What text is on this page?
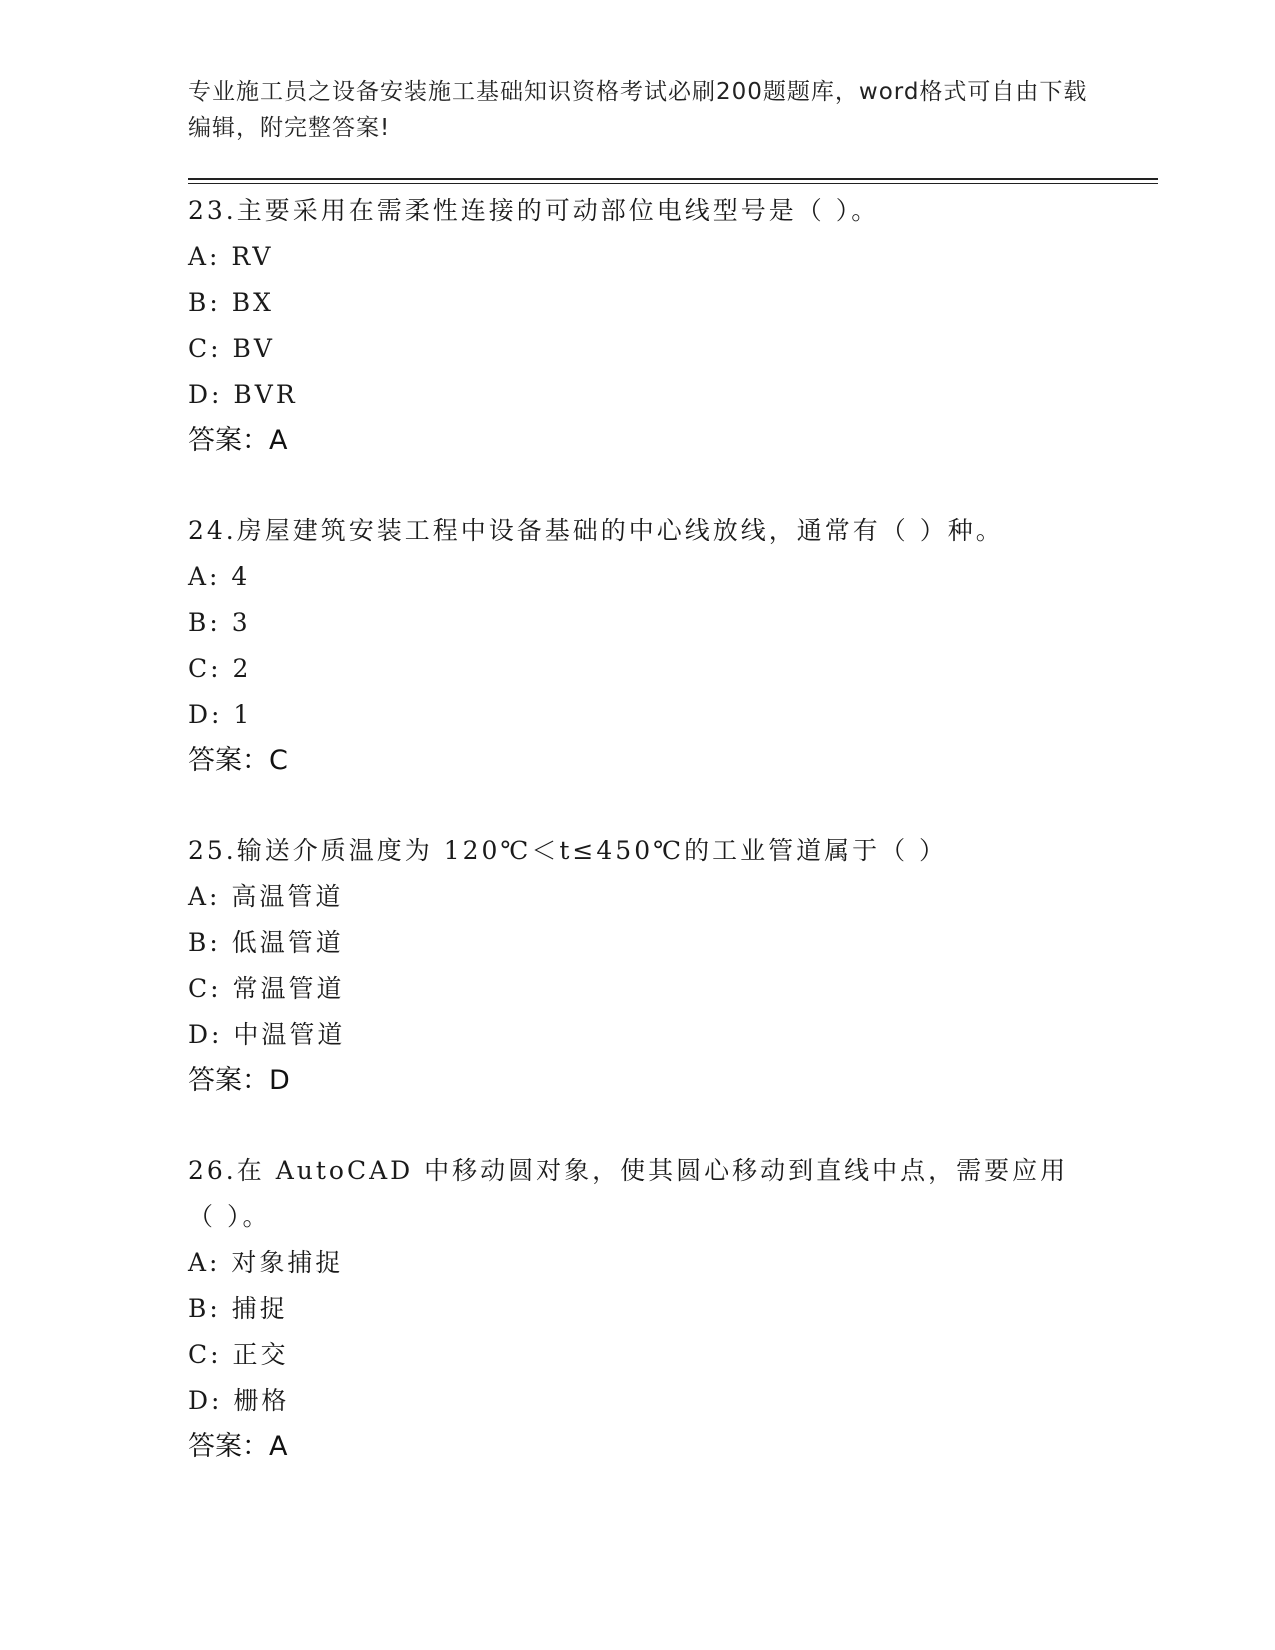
专业施工员之设备安装施工基础知识资格考试必刷200题题库，word格式可自由下载编辑，附完整答案!

23.主要采用在需柔性连接的可动部位电线型号是（ ）。

A: RV
B: BX
C: BV
D: BVR
答案：A

24.房屋建筑安装工程中设备基础的中心线放线，通常有（ ）种。

A: 4
B: 3
C: 2
D: 1
答案：C

25.输送介质温度为 120℃＜t≤450℃的工业管道属于（ ）

A: 高温管道
B: 低温管道
C: 常温管道
D: 中温管道
答案：D

26.在 AutoCAD 中移动圆对象，使其圆心移动到直线中点，需要应用（ ）。

A: 对象捕捉
B: 捕捉
C: 正交
D: 栅格
答案：A
